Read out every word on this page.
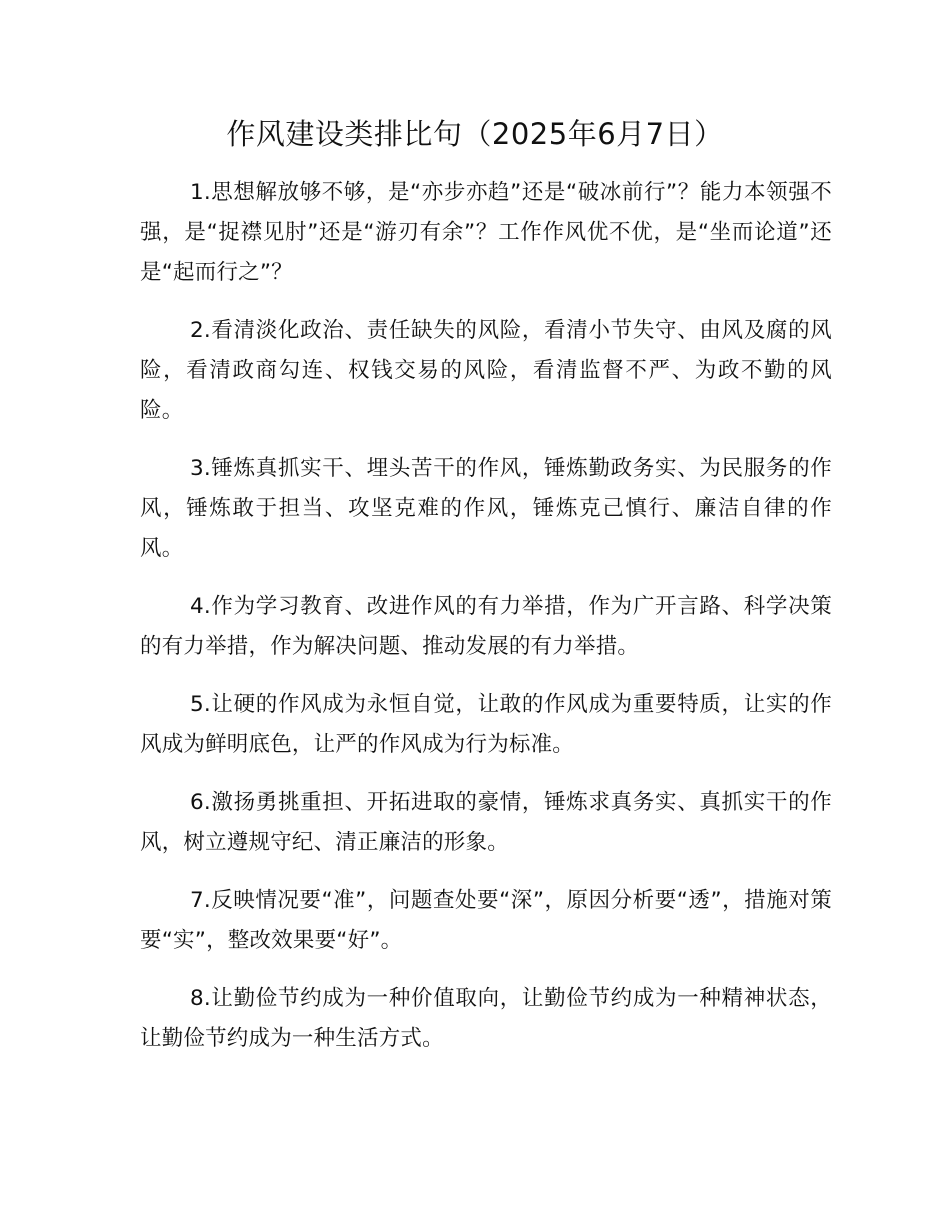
作风建设类排比句（2025年6月7日）

1.思想解放够不够，是“亦步亦趋”还是“破冰前行”？能力本领强不强，是“捉襟见肘”还是“游刃有余”？工作作风优不优，是“坐而论道”还是“起而行之”？

2.看清淡化政治、责任缺失的风险，看清小节失守、由风及腐的风险，看清政商勾连、权钱交易的风险，看清监督不严、为政不勤的风险。

3.锤炼真抓实干、埋头苦干的作风，锤炼勤政务实、为民服务的作风，锤炼敢于担当、攻坚克难的作风，锤炼克己慎行、廉洁自律的作风。

4.作为学习教育、改进作风的有力举措，作为广开言路、科学决策的有力举措，作为解决问题、推动发展的有力举措。

5.让硬的作风成为永恒自觉，让敢的作风成为重要特质，让实的作风成为鲜明底色，让严的作风成为行为标准。

6.激扬勇挑重担、开拓进取的豪情，锤炼求真务实、真抓实干的作风，树立遵规守纪、清正廉洁的形象。

7.反映情况要“准”，问题查处要“深”，原因分析要“透”，措施对策要“实”，整改效果要“好”。

8.让勤俭节约成为一种价值取向，让勤俭节约成为一种精神状态，让勤俭节约成为一种生活方式。
